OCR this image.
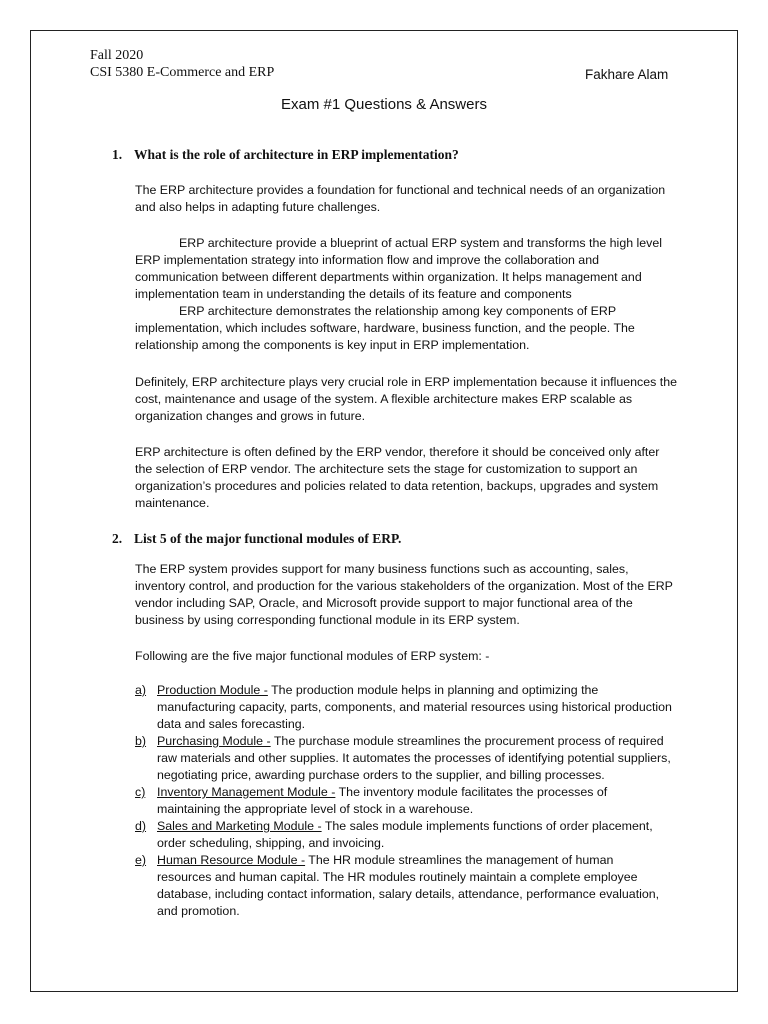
Fall 2020
CSI 5380 E-Commerce and ERP	Fakhare Alam
Exam #1 Questions & Answers
1. What is the role of architecture in ERP implementation?
The ERP architecture provides a foundation for functional and technical needs of an organization and also helps in adapting future challenges.
ERP architecture provide a blueprint of actual ERP system and transforms the high level ERP implementation strategy into information flow and improve the collaboration and communication between different departments within organization. It helps management and implementation team in understanding the details of its feature and components
ERP architecture demonstrates the relationship among key components of ERP implementation, which includes software, hardware, business function, and the people. The relationship among the components is key input in ERP implementation.
Definitely, ERP architecture plays very crucial role in ERP implementation because it influences the cost, maintenance and usage of the system. A flexible architecture makes ERP scalable as organization changes and grows in future.
ERP architecture is often defined by the ERP vendor, therefore it should be conceived only after the selection of ERP vendor. The architecture sets the stage for customization to support an organization’s procedures and policies related to data retention, backups, upgrades and system maintenance.
2. List 5 of the major functional modules of ERP.
The ERP system provides support for many business functions such as accounting, sales, inventory control, and production for the various stakeholders of the organization. Most of the ERP vendor including SAP, Oracle, and Microsoft provide support to major functional area of the business by using corresponding functional module in its ERP system.
Following are the five major functional modules of ERP system: -
a) Production Module - The production module helps in planning and optimizing the
manufacturing capacity, parts, components, and material resources using historical production data and sales forecasting.
b) Purchasing Module - The purchase module streamlines the procurement process of required
raw materials and other supplies. It automates the processes of identifying potential suppliers, negotiating price, awarding purchase orders to the supplier, and billing processes.
c) Inventory Management Module - The inventory module facilitates the processes of
maintaining the appropriate level of stock in a warehouse.
d) Sales and Marketing Module - The sales module implements functions of order placement,
order scheduling, shipping, and invoicing.
e) Human Resource Module - The HR module streamlines the management of human
resources and human capital. The HR modules routinely maintain a complete employee database, including contact information, salary details, attendance, performance evaluation, and promotion.
